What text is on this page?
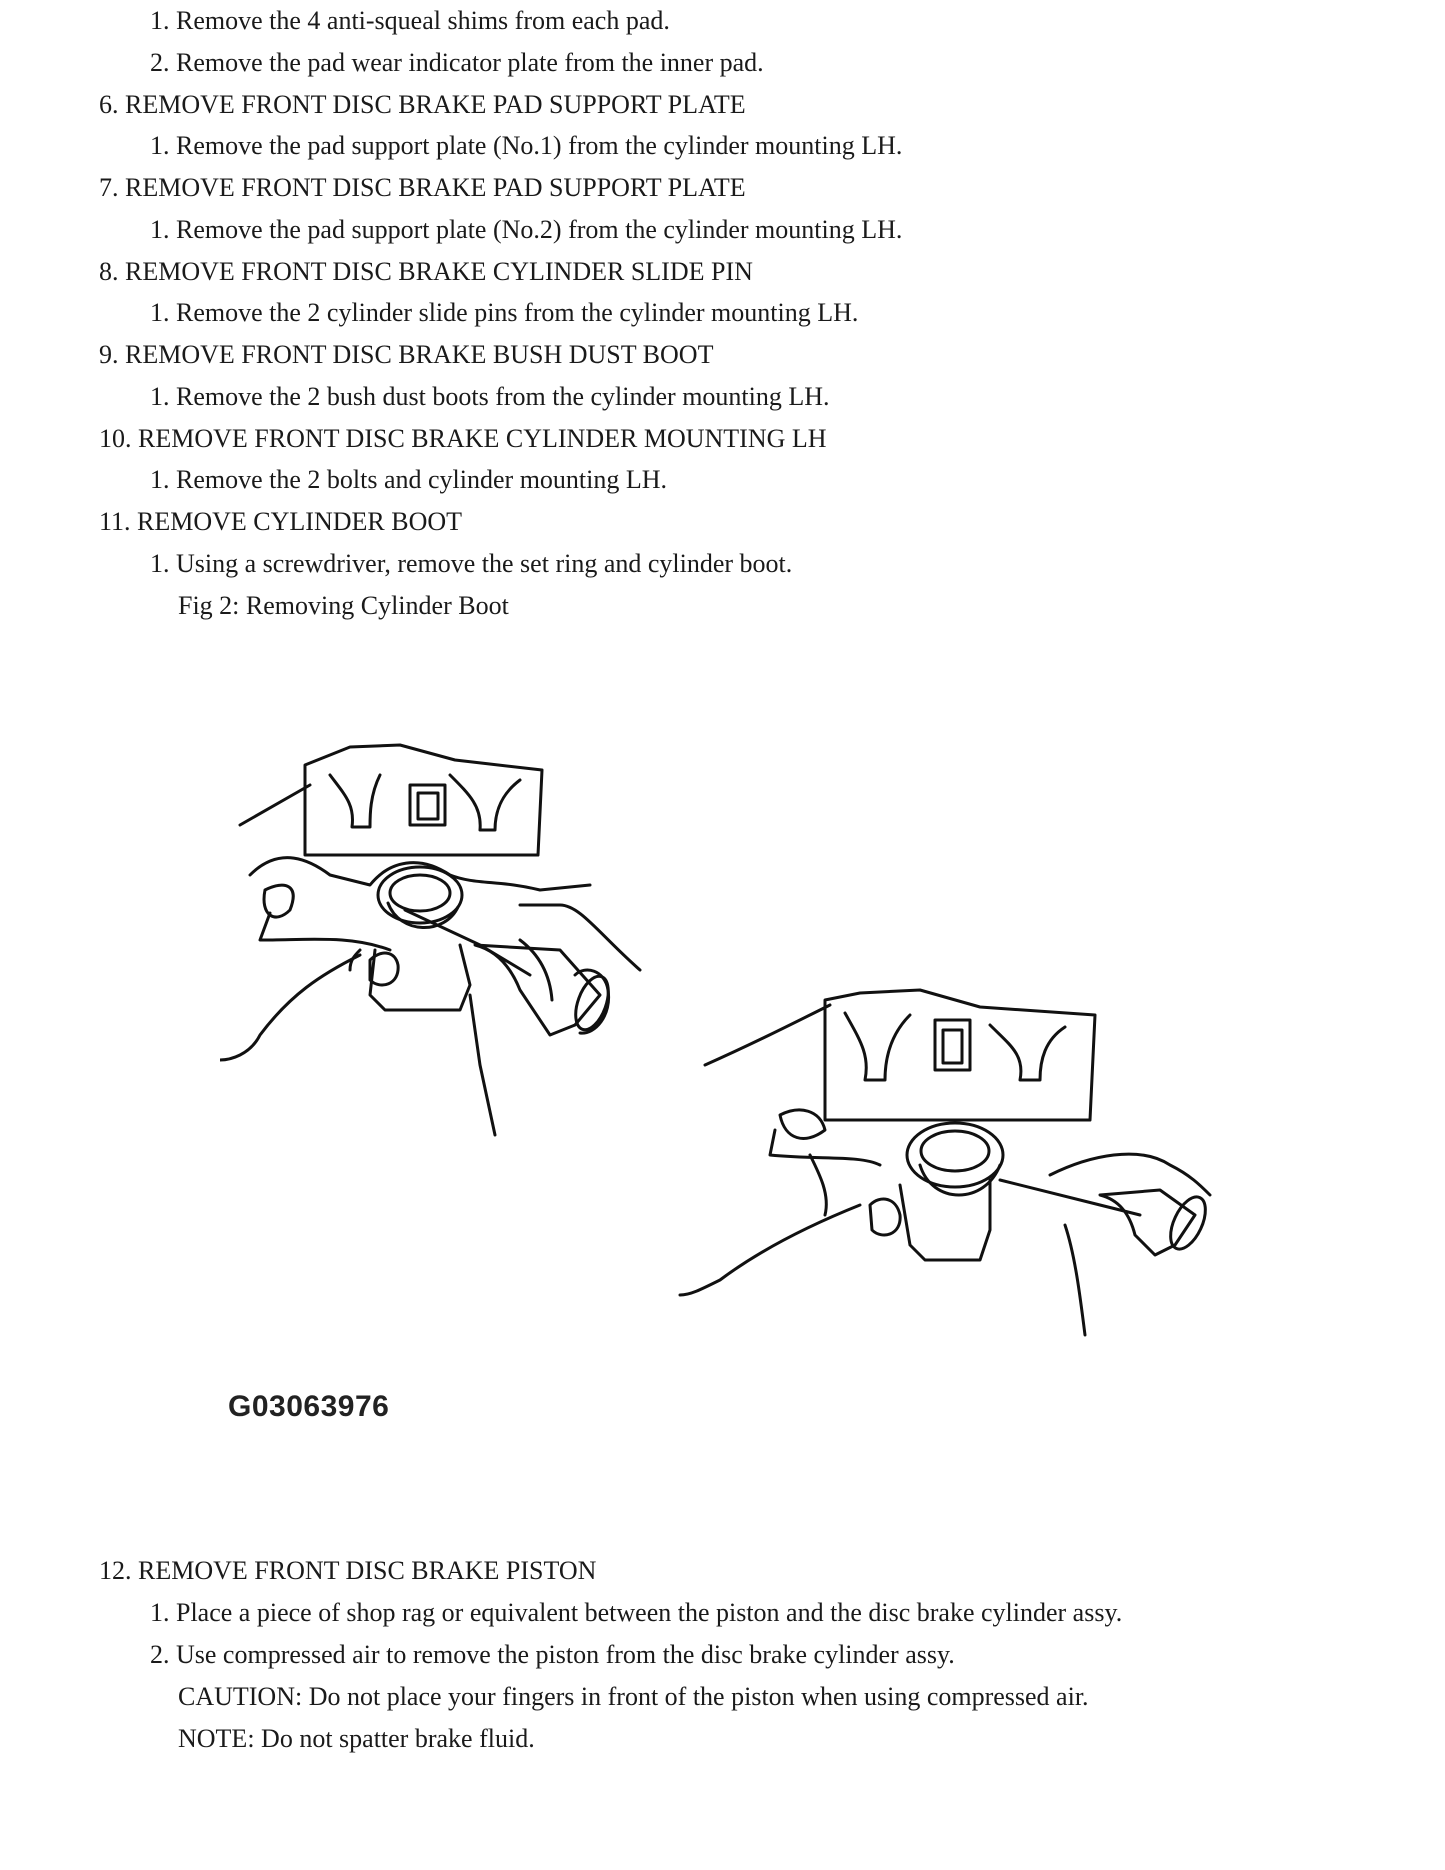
1. Remove the 4 anti-squeal shims from each pad.
2. Remove the pad wear indicator plate from the inner pad.
6. REMOVE FRONT DISC BRAKE PAD SUPPORT PLATE
1. Remove the pad support plate (No.1) from the cylinder mounting LH.
7. REMOVE FRONT DISC BRAKE PAD SUPPORT PLATE
1. Remove the pad support plate (No.2) from the cylinder mounting LH.
8. REMOVE FRONT DISC BRAKE CYLINDER SLIDE PIN
1. Remove the 2 cylinder slide pins from the cylinder mounting LH.
9. REMOVE FRONT DISC BRAKE BUSH DUST BOOT
1. Remove the 2 bush dust boots from the cylinder mounting LH.
10. REMOVE FRONT DISC BRAKE CYLINDER MOUNTING LH
1. Remove the 2 bolts and cylinder mounting LH.
11. REMOVE CYLINDER BOOT
1. Using a screwdriver, remove the set ring and cylinder boot.
Fig 2: Removing Cylinder Boot
G03063976
12. REMOVE FRONT DISC BRAKE PISTON
1. Place a piece of shop rag or equivalent between the piston and the disc brake cylinder assy.
2. Use compressed air to remove the piston from the disc brake cylinder assy.
CAUTION: Do not place your fingers in front of the piston when using compressed air.
NOTE: Do not spatter brake fluid.
